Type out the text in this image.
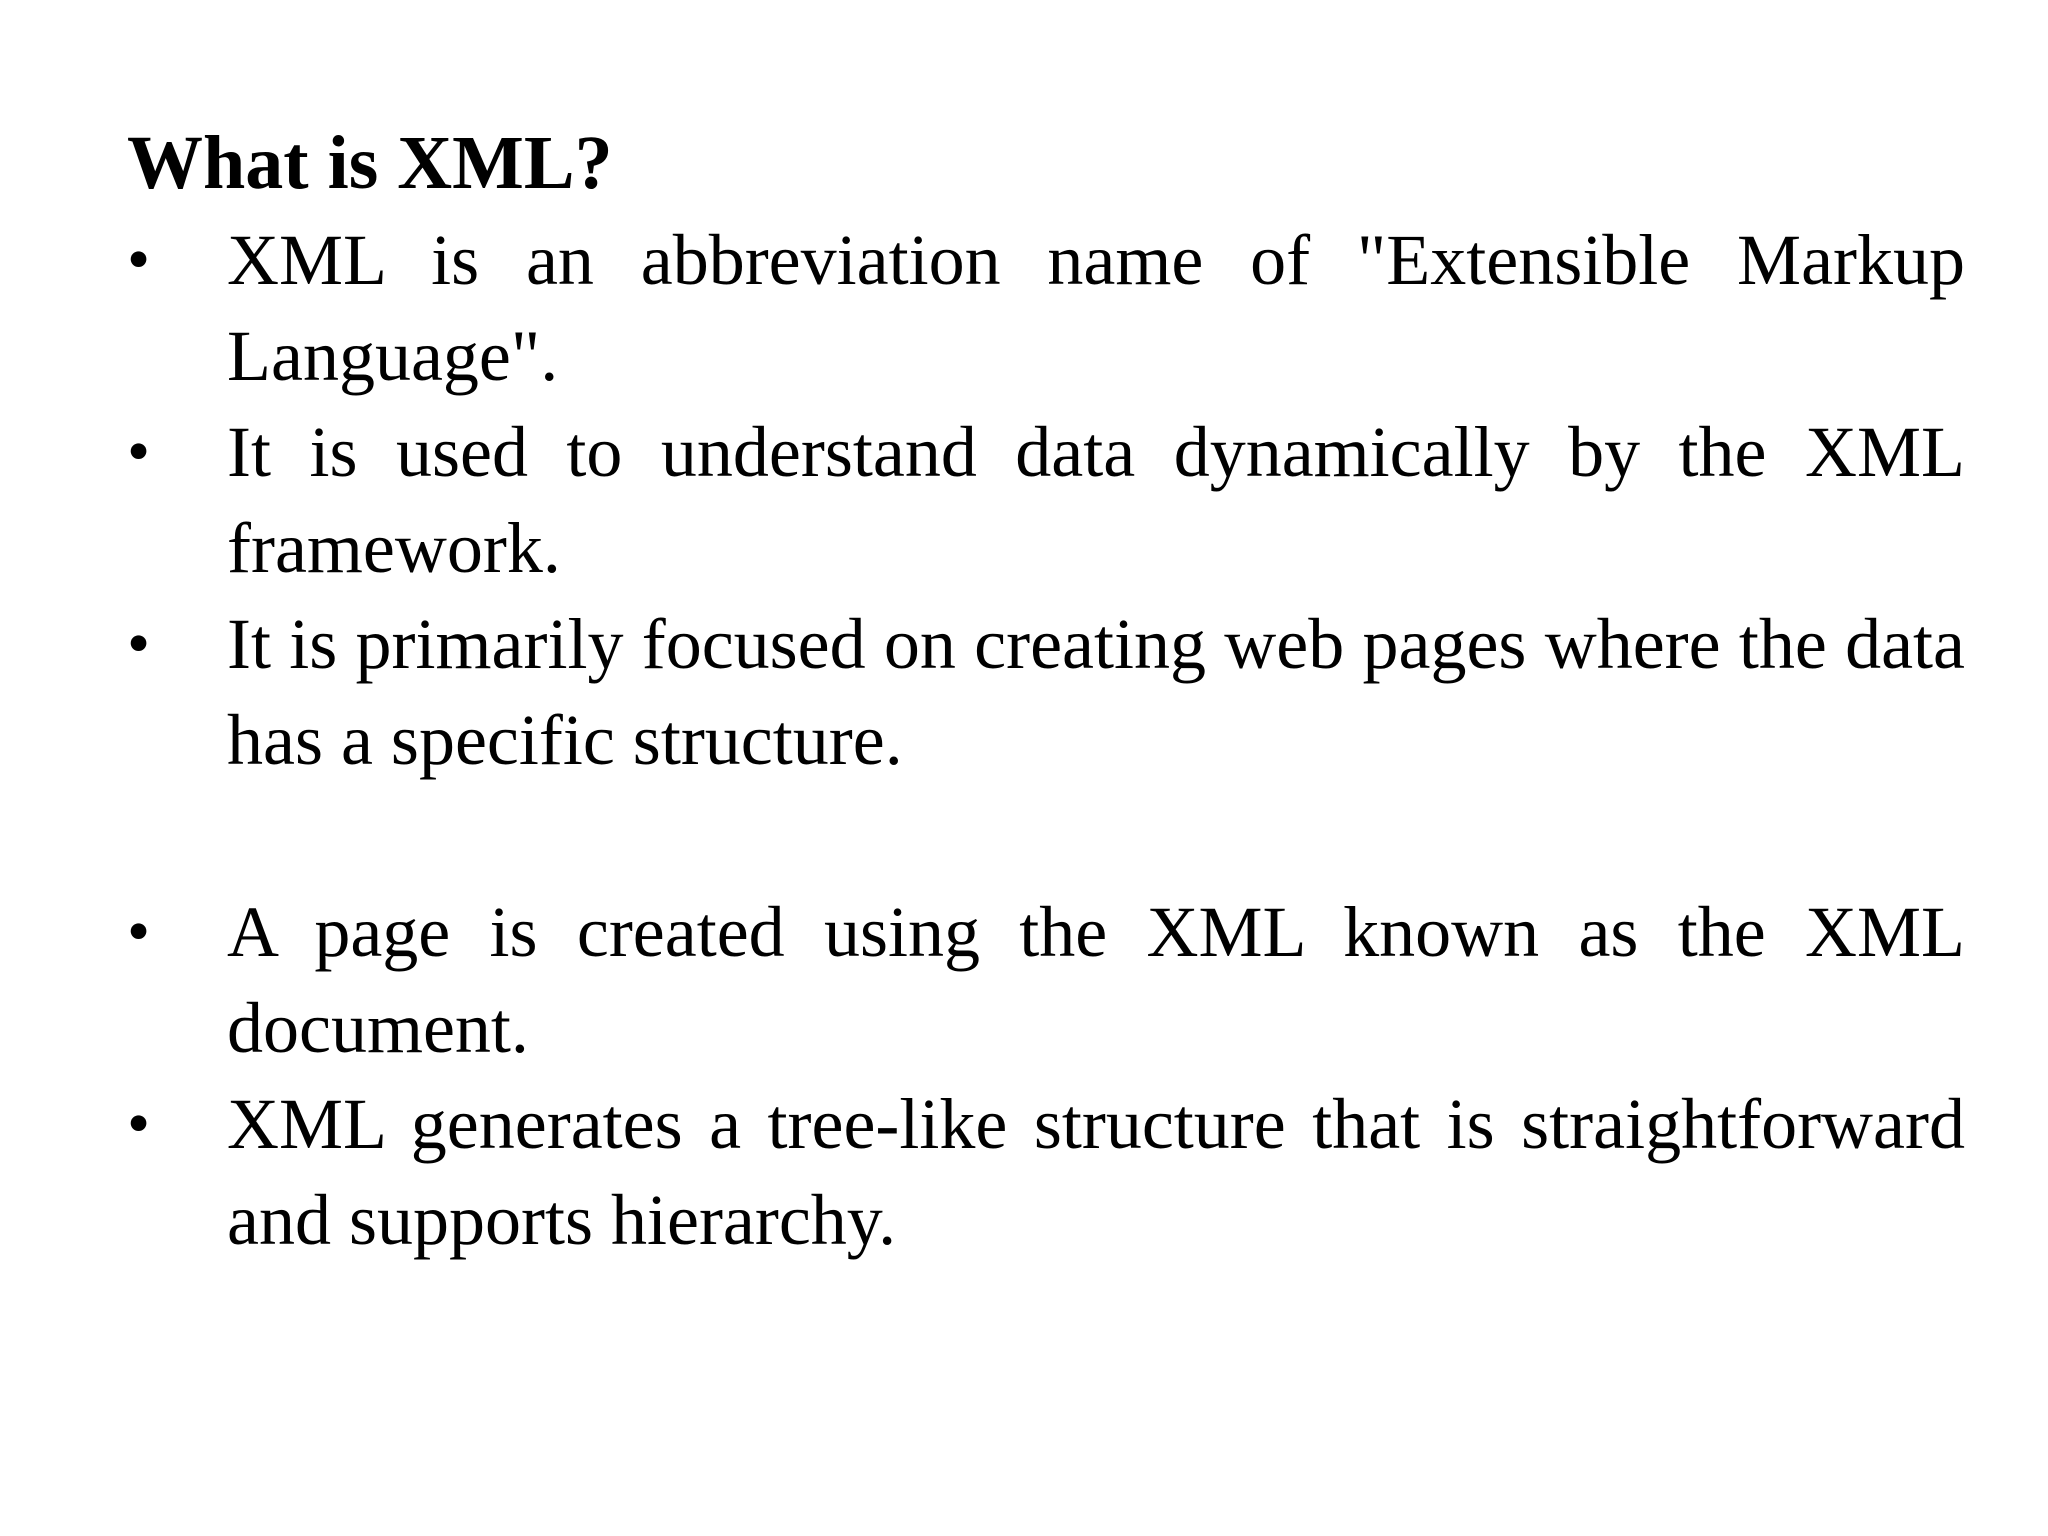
What is XML?
•	XML is an abbreviation name of "Extensible Markup Language".
•	It is used to understand data dynamically by the XML framework.
•	It is primarily focused on creating web pages where the data has a specific structure.
•	A page is created using the XML known as the XML document.
•	XML generates a tree-like structure that is straightforward and supports hierarchy.
